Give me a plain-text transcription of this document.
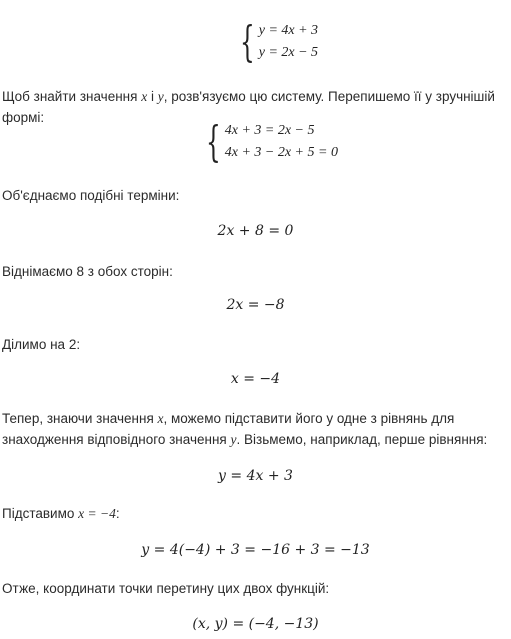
{ y = 4x + 3
y = 2x − 5
Щоб знайти значення x і y, розв'язуємо цю систему. Перепишемо її у зручнішій формі:	{ 4x + 3 = 2x − 5
4x + 3 − 2x + 5 = 0
Об'єднаємо подібні терміни:
2x + 8 = 0
Віднімаємо 8 з обох сторін:
2x = −8
Ділимо на 2:
x = −4
Тепер, знаючи значення x, можемо підставити його у одне з рівнянь для знаходження відповідного значення y. Візьмемо, наприклад, перше рівняння:
y = 4x + 3
Підставимо x = −4:
y = 4(−4) + 3 = −16 + 3 = −13
Отже, координати точки перетину цих двох функцій:
(x, y) = (−4, −13)
